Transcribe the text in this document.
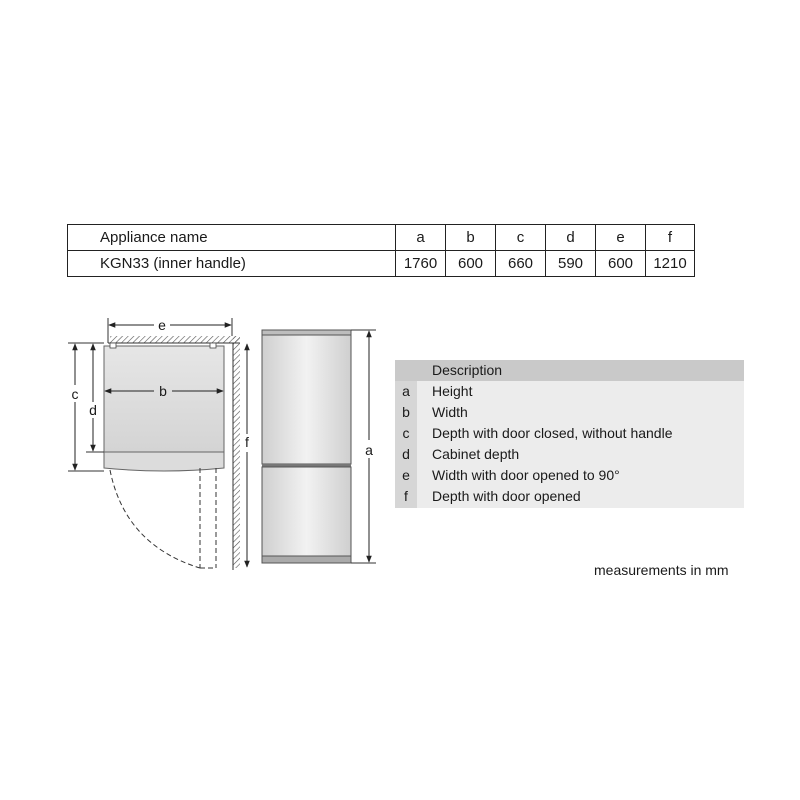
Appliance name	a	b	c	d	e	f
KGN33 (inner handle)	1760	600	660	590	600	1210
e
b
c
d
f	a
Description
a	Height
b	Width
c	Depth with door closed, without handle
d	Cabinet depth
e	Width with door opened to 90°
f	Depth with door opened
measurements in mm
